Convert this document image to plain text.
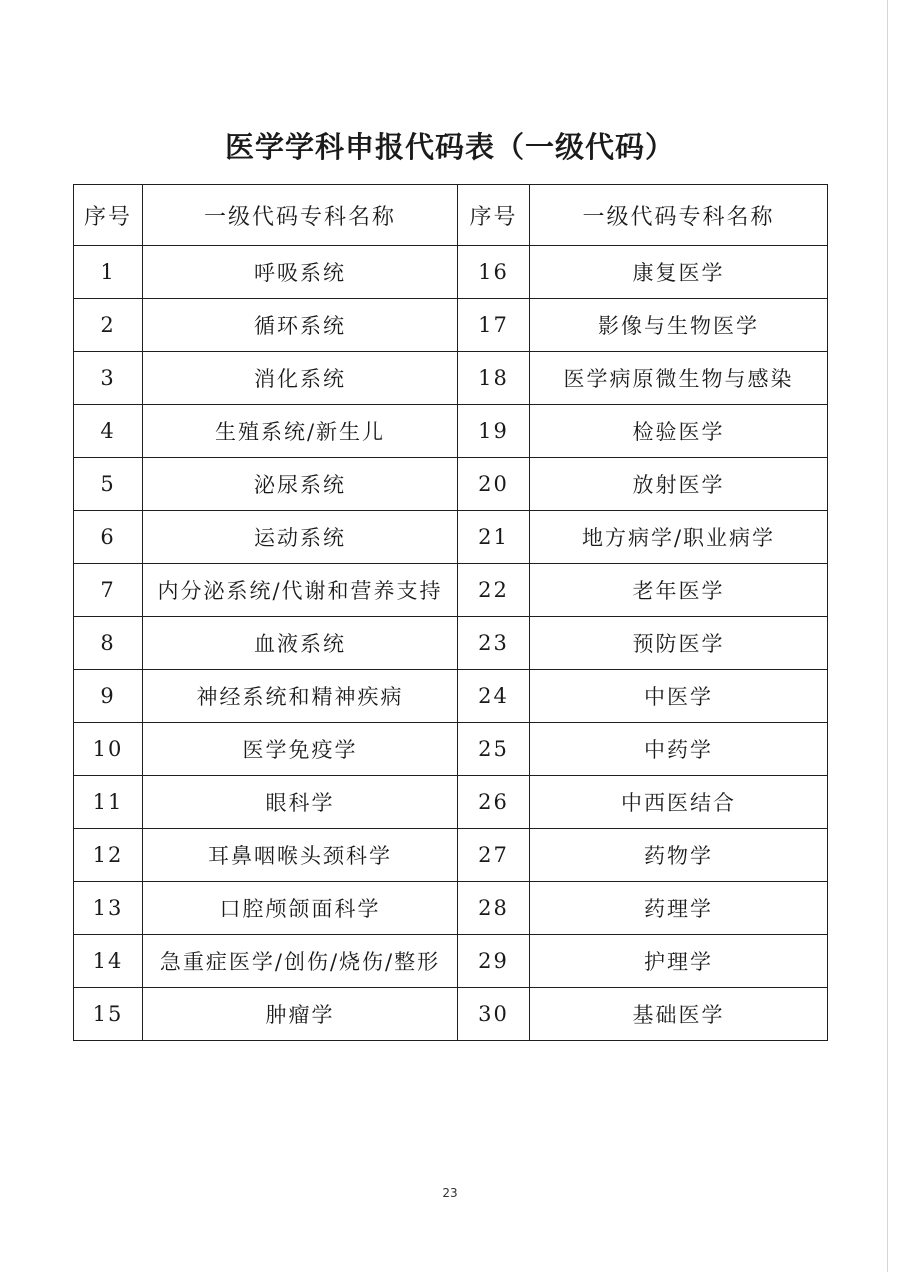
医学学科申报代码表（一级代码）
序号	一级代码专科名称	序号	一级代码专科名称
1	呼吸系统	16	康复医学
2	循环系统	17	影像与生物医学
3	消化系统	18	医学病原微生物与感染
4	生殖系统/新生儿	19	检验医学
5	泌尿系统	20	放射医学
6	运动系统	21	地方病学/职业病学
7	内分泌系统/代谢和营养支持	22	老年医学
8	血液系统	23	预防医学
9	神经系统和精神疾病	24	中医学
10	医学免疫学	25	中药学
11	眼科学	26	中西医结合
12	耳鼻咽喉头颈科学	27	药物学
13	口腔颅颌面科学	28	药理学
14	急重症医学/创伤/烧伤/整形	29	护理学
15	肿瘤学	30	基础医学
23
